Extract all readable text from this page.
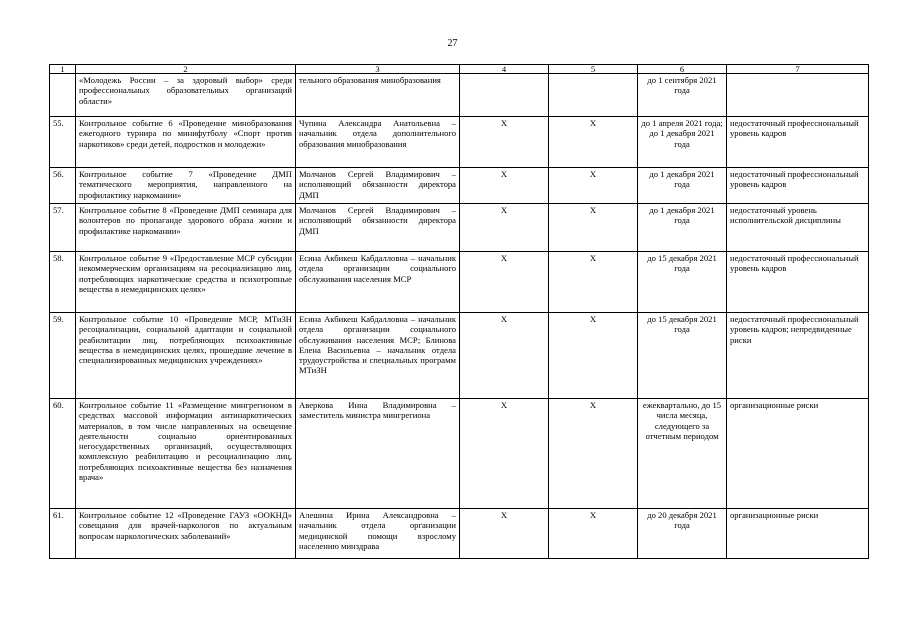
27
1	2	3	4	5	6	7
	«Молодежь России – за здоровый выбор» среди профессиональных образовательных организаций области»	тельного образования минобразования			до 1 сентября 2021 года	
55.	Контрольное событие 6 «Проведение минобразования ежегодного турнира по минифутболу «Спорт против наркотиков» среди детей, подростков и молодежи»	Чупина Александра Анатольевна – начальник отдела дополнительного образования минобразования	Х	Х	до 1 апреля 2021 года; до 1 декабря 2021 года	недостаточный профессиональный уровень кадров
56.	Контрольное событие 7 «Проведение ДМП тематического мероприятия, направленного на профилактику наркомании»	Молчанов Сергей Владимирович – исполняющий обязанности директора ДМП	Х	Х	до 1 декабря 2021 года	недостаточный профессиональный уровень кадров
57.	Контрольное событие 8 «Проведение ДМП семинара для волонтеров по пропаганде здорового образа жизни и профилактике наркомании»	Молчанов Сергей Владимирович – исполняющий обязанности директора ДМП	Х	Х	до 1 декабря 2021 года	недостаточный уровень исполнительской дисциплины
58.	Контрольное событие 9 «Предоставление МСР субсидии некоммерческим организациям на ресоциализацию лиц, потребляющих наркотические средства и психотропные вещества в немедицинских целях»	Есина Акбикеш Кабдалловна – начальник отдела организации социального обслуживания населения МСР	Х	Х	до 15 декабря 2021 года	недостаточный профессиональный уровень кадров
59.	Контрольное событие 10 «Проведение МСР, МТиЗН ресоциализации, социальной адаптации и социальной реабилитации лиц, потребляющих психоактивные вещества в немедицинских целях, прошедшие лечение в специализированных медицинских учреждениях»	Есина Акбикеш Кабдалловна – начальник отдела организации социального обслуживания населения МСР; Блинова Елена Васильевна – начальник отдела трудоустройства и специальных программ МТиЗН	Х	Х	до 15 декабря 2021 года	недостаточный профессиональный уровень кадров; непредвиденные риски
60.	Контрольное событие 11 «Размещение мингрегионом в средствах массовой информации антинаркотических материалов, в том числе направленных на освещение деятельности социально ориентированных негосударственных организаций, осуществляющих комплексную реабилитацию и ресоциализацию лиц, потребляющих психоактивные вещества без назначения врача»	Аверкова Инна Владимировна – заместитель министра мингрегиона	Х	Х	ежеквартально, до 15 числа месяца, следующего за отчетным периодом	организационные риски
61.	Контрольное событие 12 «Проведение ГАУЗ «ООКНД» совещания для врачей-наркологов по актуальным вопросам наркологических заболеваний»	Алешина Ирина Александровна – начальник отдела организации медицинской помощи взрослому населению минздрава	Х	Х	до 20 декабря 2021 года	организационные риски
